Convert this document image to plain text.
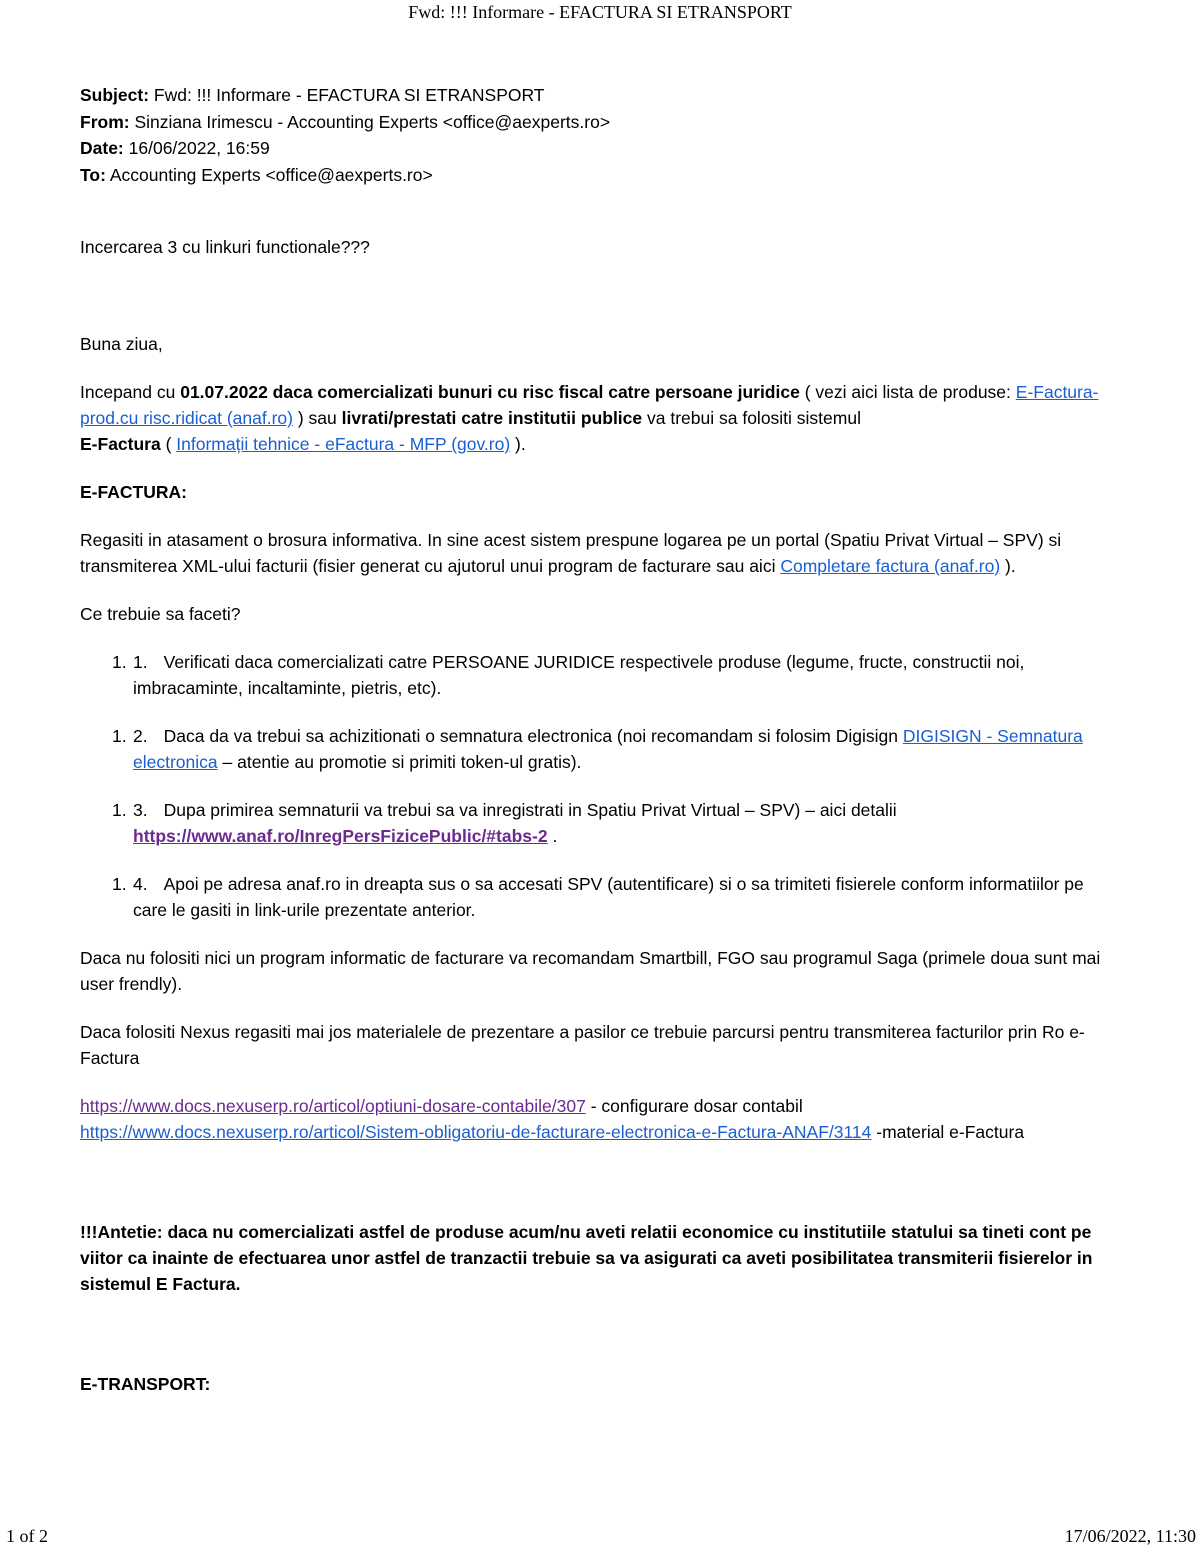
Fwd: !!! Informare - EFACTURA SI ETRANSPORT

Subject: Fwd: !!! Informare - EFACTURA SI ETRANSPORT

From: Sinziana Irimescu - Accounting Experts <office@aexperts.ro>

Date: 16/06/2022, 16:59

To: Accounting Experts <office@aexperts.ro>

Incercarea 3 cu linkuri functionale???

Buna ziua,

Incepand cu 01.07.2022 daca comercializati bunuri cu risc fiscal catre persoane juridice ( vezi aici lista de produse: E-Factura-prod.cu risc.ridicat (anaf.ro) ) sau livrati/prestati catre institutii publice va trebui sa folositi sistemul
E-Factura ( Informații tehnice - eFactura - MFP (gov.ro) ).

E-FACTURA:

Regasiti in atasament o brosura informativa. In sine acest sistem prespune logarea pe un portal (Spatiu Privat Virtual – SPV) si transmiterea XML-ului facturii (fisier generat cu ajutorul unui program de facturare sau aici Completare factura (anaf.ro) ).

Ce trebuie sa faceti?

1. 1. Verificati daca comercializati catre PERSOANE JURIDICE respectivele produse (legume, fructe, constructii noi, imbracaminte, incaltaminte, pietris, etc).
1. 2. Daca da va trebui sa achizitionati o semnatura electronica (noi recomandam si folosim Digisign DIGISIGN - Semnatura electronica – atentie au promotie si primiti token-ul gratis).
1. 3. Dupa primirea semnaturii va trebui sa va inregistrati in Spatiu Privat Virtual – SPV) – aici detalii https://www.anaf.ro/InregPersFizicePublic/#tabs-2 .
1. 4. Apoi pe adresa anaf.ro in dreapta sus o sa accesati SPV (autentificare) si o sa trimiteti fisierele conform informatiilor pe care le gasiti in link-urile prezentate anterior.

Daca nu folositi nici un program informatic de facturare va recomandam Smartbill, FGO sau programul Saga (primele doua sunt mai user frendly).

Daca folositi Nexus regasiti mai jos materialele de prezentare a pasilor ce trebuie parcursi pentru transmiterea facturilor prin Ro e-Factura

https://www.docs.nexuserp.ro/articol/optiuni-dosare-contabile/307 - configurare dosar contabil
https://www.docs.nexuserp.ro/articol/Sistem-obligatoriu-de-facturare-electronica-e-Factura-ANAF/3114 -material e-Factura

!!!Antetie: daca nu comercializati astfel de produse acum/nu aveti relatii economice cu institutiile statului sa tineti cont pe viitor ca inainte de efectuarea unor astfel de tranzactii trebuie sa va asigurati ca aveti posibilitatea transmiterii fisierelor in sistemul E Factura.

E-TRANSPORT:

1 of 2	17/06/2022, 11:30
